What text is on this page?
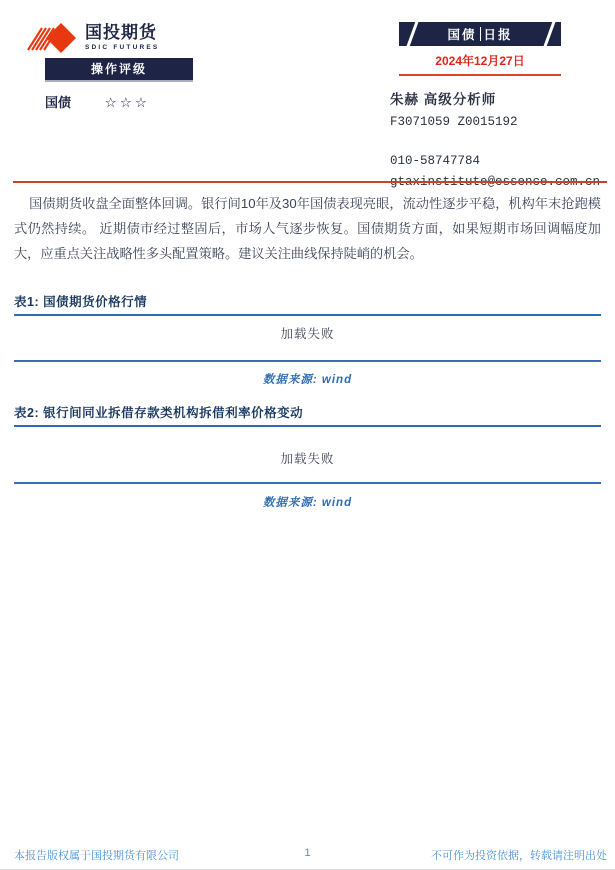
国投期货
SDIC FUTURES
国债 日报
2024年12月27日
操作评级
国债 ☆☆☆	朱赫 高级分析师
F3071059 Z0015192
010-58747784

国债期货收盘全面整体回调。银行间10年及30年国债表现亮眼，流动性逐步平稳，机构年末抢跑模式仍然持续。 近期债市经过整固后，市场人气逐步恢复。国债期货方面，如果短期市场回调幅度加大，应重点关注战略性多头配置策略。建议关注曲线保持陡峭的机会。

表1: 国债期货价格行情
加载失败
数据来源: wind
表2: 银行间同业拆借存款类机构拆借利率价格变动
加载失败
数据来源: wind
1
本报告版权属于国投期货有限公司	不可作为投资依据，转载请注明出处
